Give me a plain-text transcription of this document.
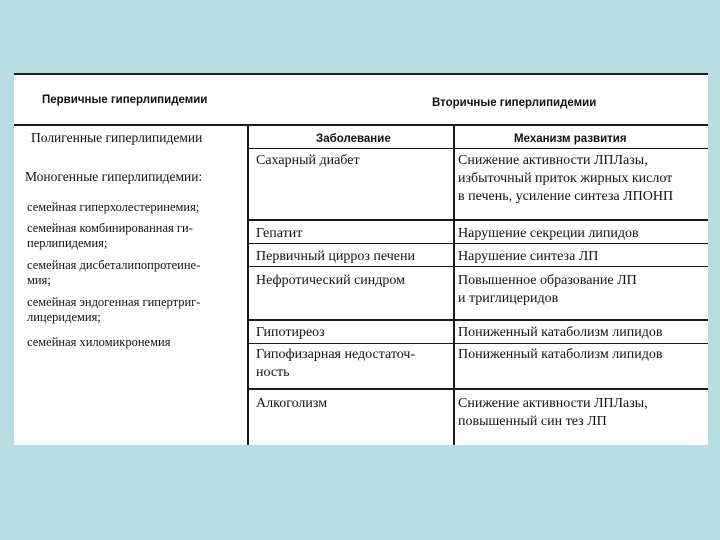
Первичные гиперлипидемии	Вторичные гиперлипидемии
Заболевание	Механизм развития
Полигенные гиперлипидемии
Моногенные гиперлипидемии:
семейная гиперхолестеринемия;
семейная комбинированная ги-
перлипидемия;
семейная дисбеталипопротеине-
мия;
семейная эндогенная гипертриг-
лицеридемия;
семейная хиломикронемия
Сахарный диабет
Гепатит
Первичный цирроз печени
Нефротический синдром
Гипотиреоз
Гипофизарная недостаточ-
ность
Алкоголизм
Снижение активности ЛПЛазы,
избыточный приток жирных кислот
в печень, усиление синтеза ЛПОНП
Нарушение секреции липидов
Нарушение синтеза ЛП
Повышенное образование ЛП
и триглицеридов
Пониженный катаболизм липидов
Пониженный катаболизм липидов
Снижение активности ЛПЛазы,
повышенный син тез ЛП
